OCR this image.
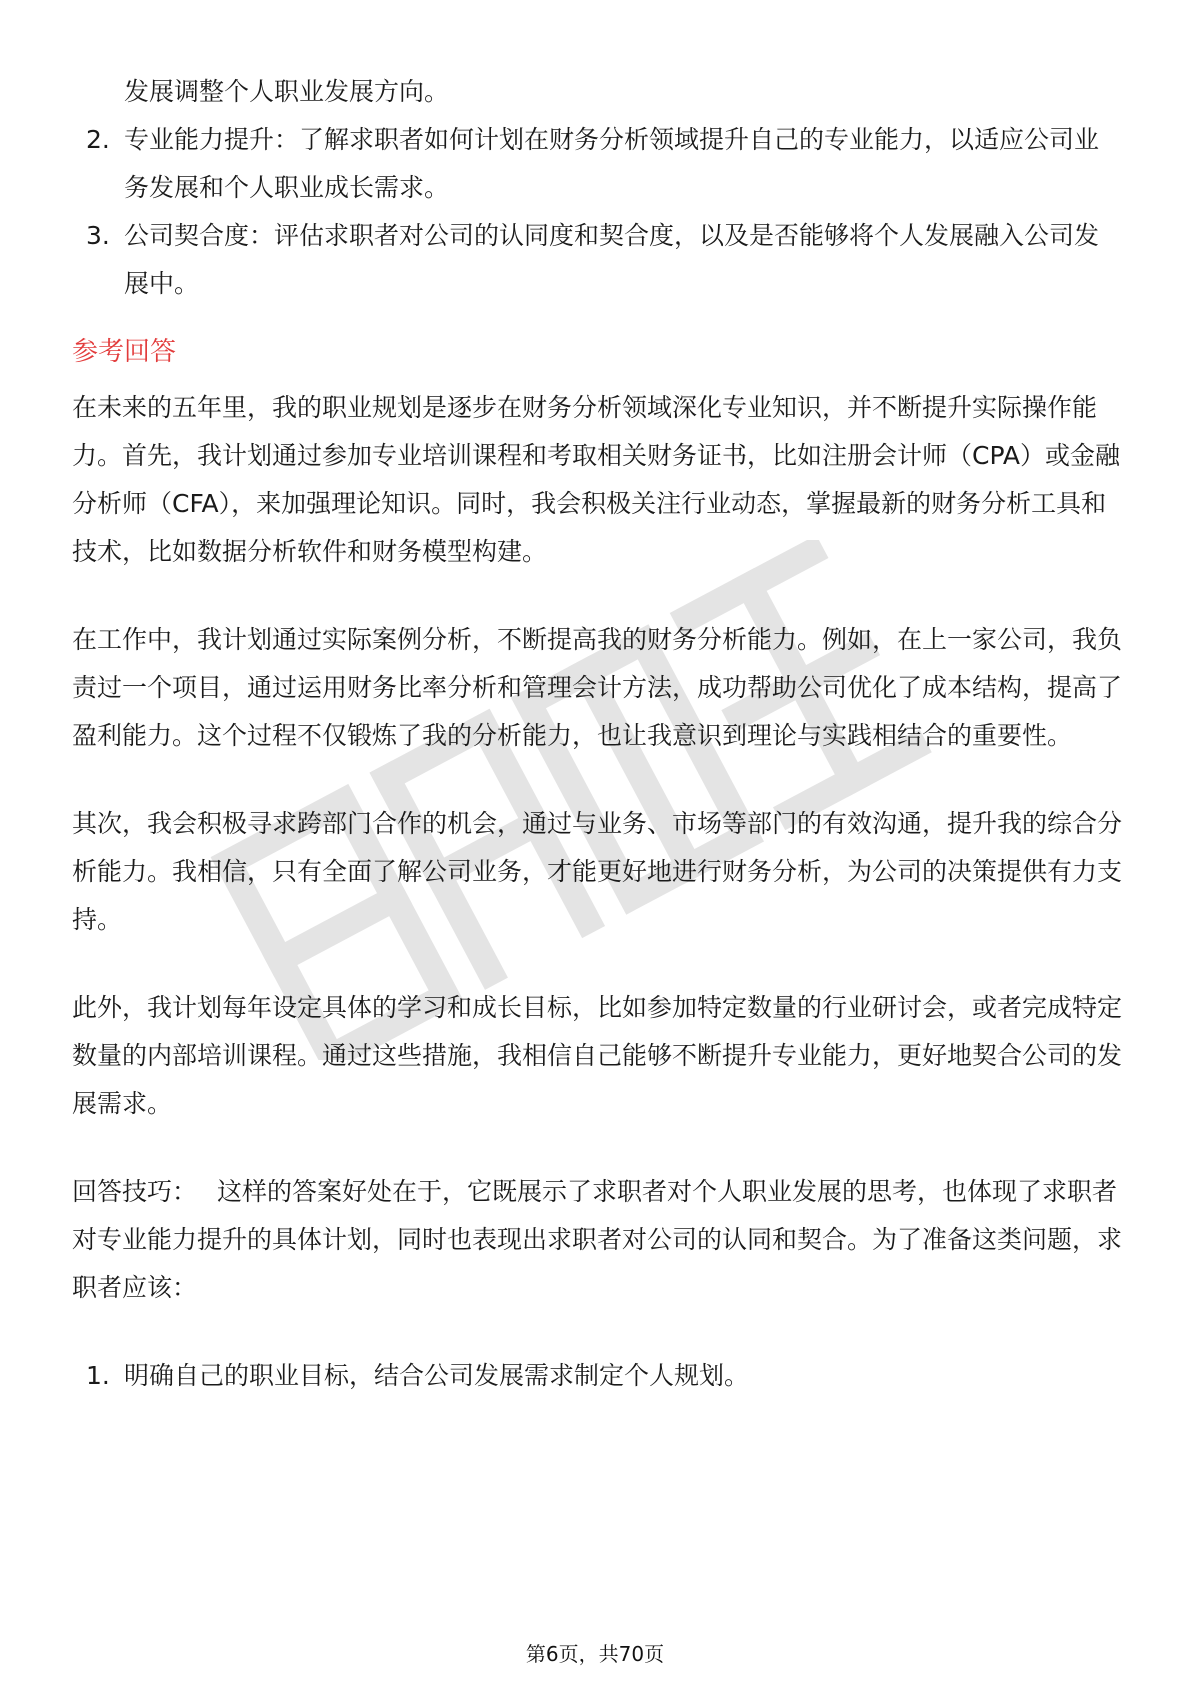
发展调整个人职业发展方向。
2. 专业能力提升：了解求职者如何计划在财务分析领域提升自己的专业能力，以适应公司业务发展和个人职业成长需求。
3. 公司契合度：评估求职者对公司的认同度和契合度，以及是否能够将个人发展融入公司发展中。
参考回答

在未来的五年里，我的职业规划是逐步在财务分析领域深化专业知识，并不断提升实际操作能力。首先，我计划通过参加专业培训课程和考取相关财务证书，比如注册会计师（CPA）或金融分析师（CFA），来加强理论知识。同时，我会积极关注行业动态，掌握最新的财务分析工具和技术，比如数据分析软件和财务模型构建。

在工作中，我计划通过实际案例分析，不断提高我的财务分析能力。例如，在上一家公司，我负责过一个项目，通过运用财务比率分析和管理会计方法，成功帮助公司优化了成本结构，提高了盈利能力。这个过程不仅锻炼了我的分析能力，也让我意识到理论与实践相结合的重要性。

其次，我会积极寻求跨部门合作的机会，通过与业务、市场等部门的有效沟通，提升我的综合分析能力。我相信，只有全面了解公司业务，才能更好地进行财务分析，为公司的决策提供有力支持。

此外，我计划每年设定具体的学习和成长目标，比如参加特定数量的行业研讨会，或者完成特定数量的内部培训课程。通过这些措施，我相信自己能够不断提升专业能力，更好地契合公司的发展需求。

回答技巧： 这样的答案好处在于，它既展示了求职者对个人职业发展的思考，也体现了求职者对专业能力提升的具体计划，同时也表现出求职者对公司的认同和契合。为了准备这类问题，求职者应该：

1. 明确自己的职业目标，结合公司发展需求制定个人规划。
第6页，共70页
